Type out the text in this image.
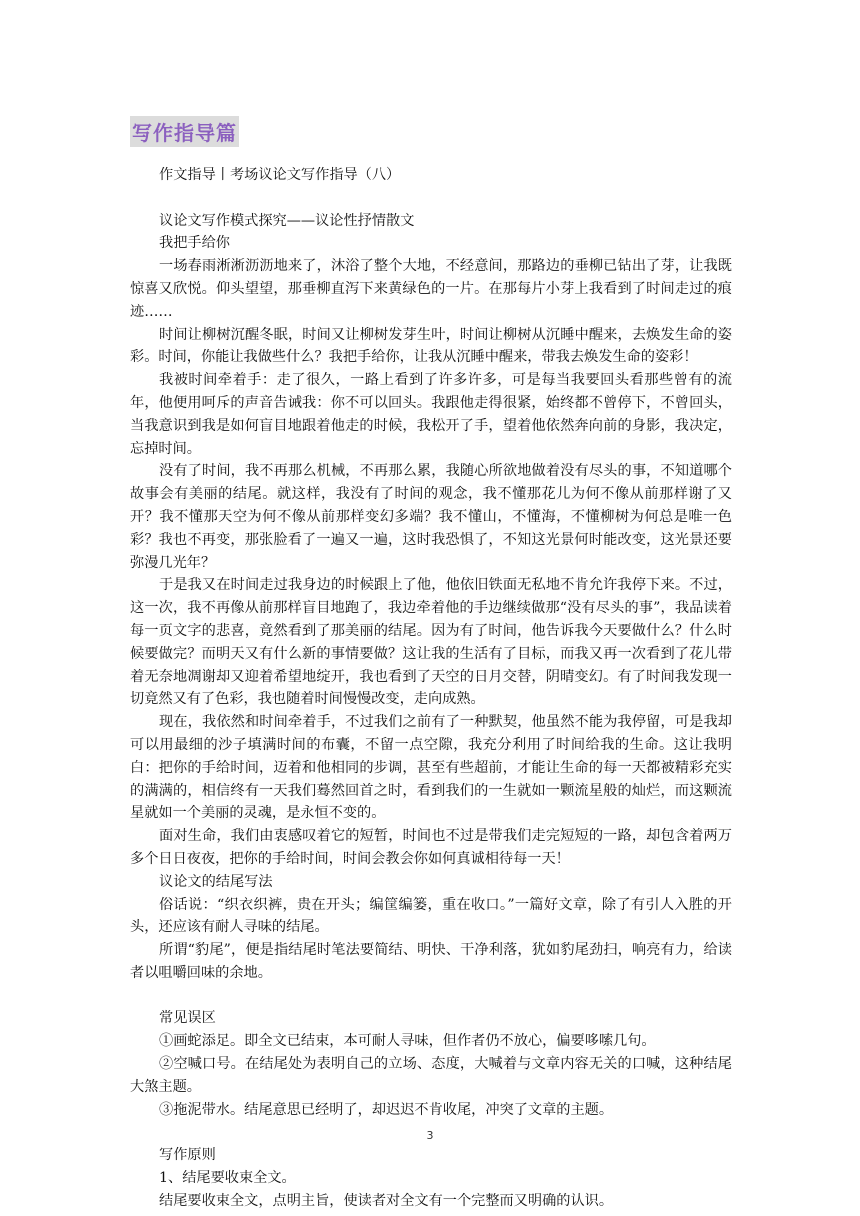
写作指导篇

作文指导丨考场议论文写作指导（八）

议论文写作模式探究——议论性抒情散文

我把手给你

一场春雨淅淅沥沥地来了，沐浴了整个大地，不经意间，那路边的垂柳已钻出了芽，让我既惊喜又欣悦。仰头望望，那垂柳直泻下来黄绿色的一片。在那每片小芽上我看到了时间走过的痕迹……

时间让柳树沉醒冬眠，时间又让柳树发芽生叶，时间让柳树从沉睡中醒来，去焕发生命的姿彩。时间，你能让我做些什么？我把手给你，让我从沉睡中醒来，带我去焕发生命的姿彩！

我被时间牵着手：走了很久，一路上看到了许多许多，可是每当我要回头看那些曾有的流年，他便用呵斥的声音告诫我：你不可以回头。我跟他走得很紧，始终都不曾停下，不曾回头，当我意识到我是如何盲目地跟着他走的时候，我松开了手，望着他依然奔向前的身影，我决定，忘掉时间。

没有了时间，我不再那么机械，不再那么累，我随心所欲地做着没有尽头的事，不知道哪个故事会有美丽的结尾。就这样，我没有了时间的观念，我不懂那花儿为何不像从前那样谢了又开？我不懂那天空为何不像从前那样变幻多端？我不懂山，不懂海，不懂柳树为何总是唯一色彩？我也不再变，那张脸看了一遍又一遍，这时我恐惧了，不知这光景何时能改变，这光景还要弥漫几光年？

于是我又在时间走过我身边的时候跟上了他，他依旧铁面无私地不肯允许我停下来。不过，这一次，我不再像从前那样盲目地跑了，我边牵着他的手边继续做那“没有尽头的事”，我品读着每一页文字的悲喜，竟然看到了那美丽的结尾。因为有了时间，他告诉我今天要做什么？什么时候要做完？而明天又有什么新的事情要做？这让我的生活有了目标，而我又再一次看到了花儿带着无奈地凋谢却又迎着希望地绽开，我也看到了天空的日月交替，阴晴变幻。有了时间我发现一切竟然又有了色彩，我也随着时间慢慢改变，走向成熟。

现在，我依然和时间牵着手，不过我们之前有了一种默契，他虽然不能为我停留，可是我却可以用最细的沙子填满时间的布囊，不留一点空隙，我充分利用了时间给我的生命。这让我明白：把你的手给时间，迈着和他相同的步调，甚至有些超前，才能让生命的每一天都被精彩充实的满满的，相信终有一天我们蓦然回首之时，看到我们的一生就如一颗流星般的灿烂，而这颗流星就如一个美丽的灵魂，是永恒不变的。

面对生命，我们由衷感叹着它的短暂，时间也不过是带我们走完短短的一路，却包含着两万多个日日夜夜，把你的手给时间，时间会教会你如何真诚相待每一天！

议论文的结尾写法

俗话说：“织衣织裤，贵在开头；编筐编篓，重在收口。”一篇好文章，除了有引人入胜的开头，还应该有耐人寻味的结尾。

所谓“豹尾”，便是指结尾时笔法要简结、明快、干净利落，犹如豹尾劲扫，响亮有力，给读者以咀嚼回味的余地。

常见误区

①画蛇添足。即全文已结束，本可耐人寻味，但作者仍不放心，偏要哆嗦几句。

②空喊口号。在结尾处为表明自己的立场、态度，大喊着与文章内容无关的口喊，这种结尾大煞主题。

③拖泥带水。结尾意思已经明了，却迟迟不肯收尾，冲突了文章的主题。

写作原则

1、结尾要收束全文。

结尾要收束全文，点明主旨，使读者对全文有一个完整而又明确的认识。

3
